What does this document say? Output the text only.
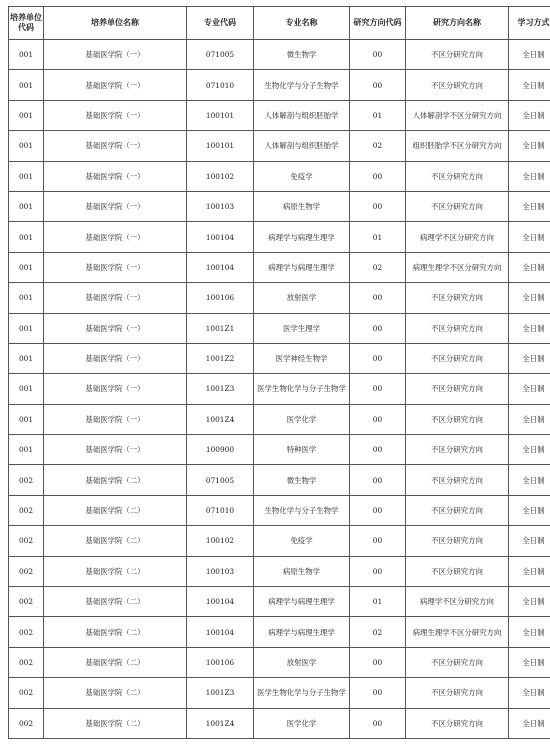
培养单位代码	培养单位名称	专业代码	专业名称	研究方向代码	研究方向名称	学习方式
001	基础医学院（一）	071005	微生物学	00	不区分研究方向	全日制
001	基础医学院（一）	071010	生物化学与分子生物学	00	不区分研究方向	全日制
001	基础医学院（一）	100101	人体解剖与组织胚胎学	01	人体解剖学不区分研究方向	全日制
001	基础医学院（一）	100101	人体解剖与组织胚胎学	02	组织胚胎学不区分研究方向	全日制
001	基础医学院（一）	100102	免疫学	00	不区分研究方向	全日制
001	基础医学院（一）	100103	病原生物学	00	不区分研究方向	全日制
001	基础医学院（一）	100104	病理学与病理生理学	01	病理学不区分研究方向	全日制
001	基础医学院（一）	100104	病理学与病理生理学	02	病理生理学不区分研究方向	全日制
001	基础医学院（一）	100106	放射医学	00	不区分研究方向	全日制
001	基础医学院（一）	1001Z1	医学生理学	00	不区分研究方向	全日制
001	基础医学院（一）	1001Z2	医学神经生物学	00	不区分研究方向	全日制
001	基础医学院（一）	1001Z3	医学生物化学与分子生物学	00	不区分研究方向	全日制
001	基础医学院（一）	1001Z4	医学化学	00	不区分研究方向	全日制
001	基础医学院（一）	100900	特种医学	00	不区分研究方向	全日制
002	基础医学院（二）	071005	微生物学	00	不区分研究方向	全日制
002	基础医学院（二）	071010	生物化学与分子生物学	00	不区分研究方向	全日制
002	基础医学院（二）	100102	免疫学	00	不区分研究方向	全日制
002	基础医学院（二）	100103	病原生物学	00	不区分研究方向	全日制
002	基础医学院（二）	100104	病理学与病理生理学	01	病理学不区分研究方向	全日制
002	基础医学院（二）	100104	病理学与病理生理学	02	病理生理学不区分研究方向	全日制
002	基础医学院（二）	100106	放射医学	00	不区分研究方向	全日制
002	基础医学院（二）	1001Z3	医学生物化学与分子生物学	00	不区分研究方向	全日制
002	基础医学院（二）	1001Z4	医学化学	00	不区分研究方向	全日制
